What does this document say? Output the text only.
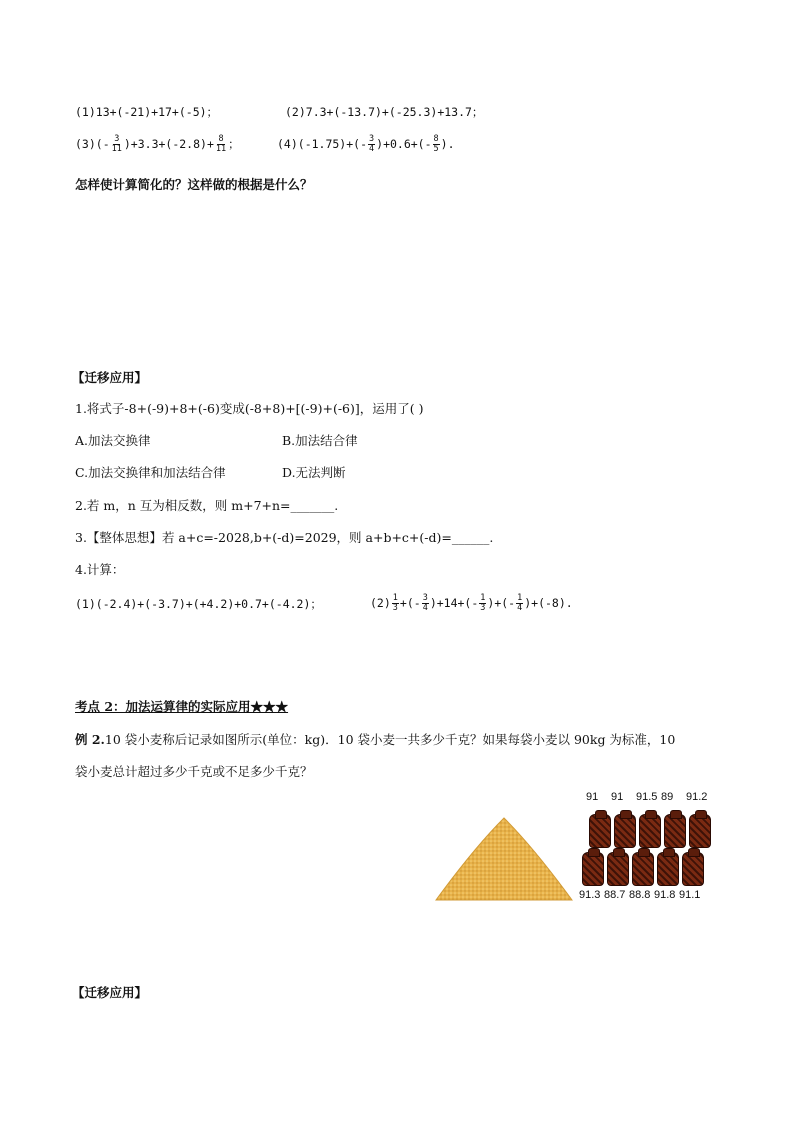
(1)13+(-21)+17+(-5)；	(2)7.3+(-13.7)+(-25.3)+13.7；
$(3)(- \frac{3}{11} )+3.3+(-2.8)+ \frac{8}{11}$ ；	$(4)(-1.75)+(- \frac{3}{4} )+0.6+(- \frac{8}{5}$ ).
怎样使计算简化的？这样做的根据是什么？
【迁移应用】
1.将式子-8+(-9)+8+(-6)变成(-8+8)+[(-9)+(-6)]，运用了( )
A.加法交换律	B.加法结合律
C.加法交换律和加法结合律	D.无法判断
2.若 m，n 互为相反数，则 m+7+n=_______.
3.【整体思想】若 a+c=-2028,b+(-d)=2029，则 a+b+c+(-d)=______.
4.计算：
(1)(-2.4)+(-3.7)+(+4.2)+0.7+(-4.2)；	$(2) \frac{1}{3}$ +(- $\frac{3}{4} )+14+(- \frac{1}{3}$ )+(- $\frac{1}{4} )+(-8)$.
考点 2：加法运算律的实际应用★★★
例 2.10 袋小麦称后记录如图所示(单位：kg)．10 袋小麦一共多少千克？如果每袋小麦以 90kg 为标准，10
袋小麦总计超过多少千克或不足多少千克？
91 91 91.5 89 91.2
91.3 88.7 88.8 91.8 91.1
【迁移应用】
